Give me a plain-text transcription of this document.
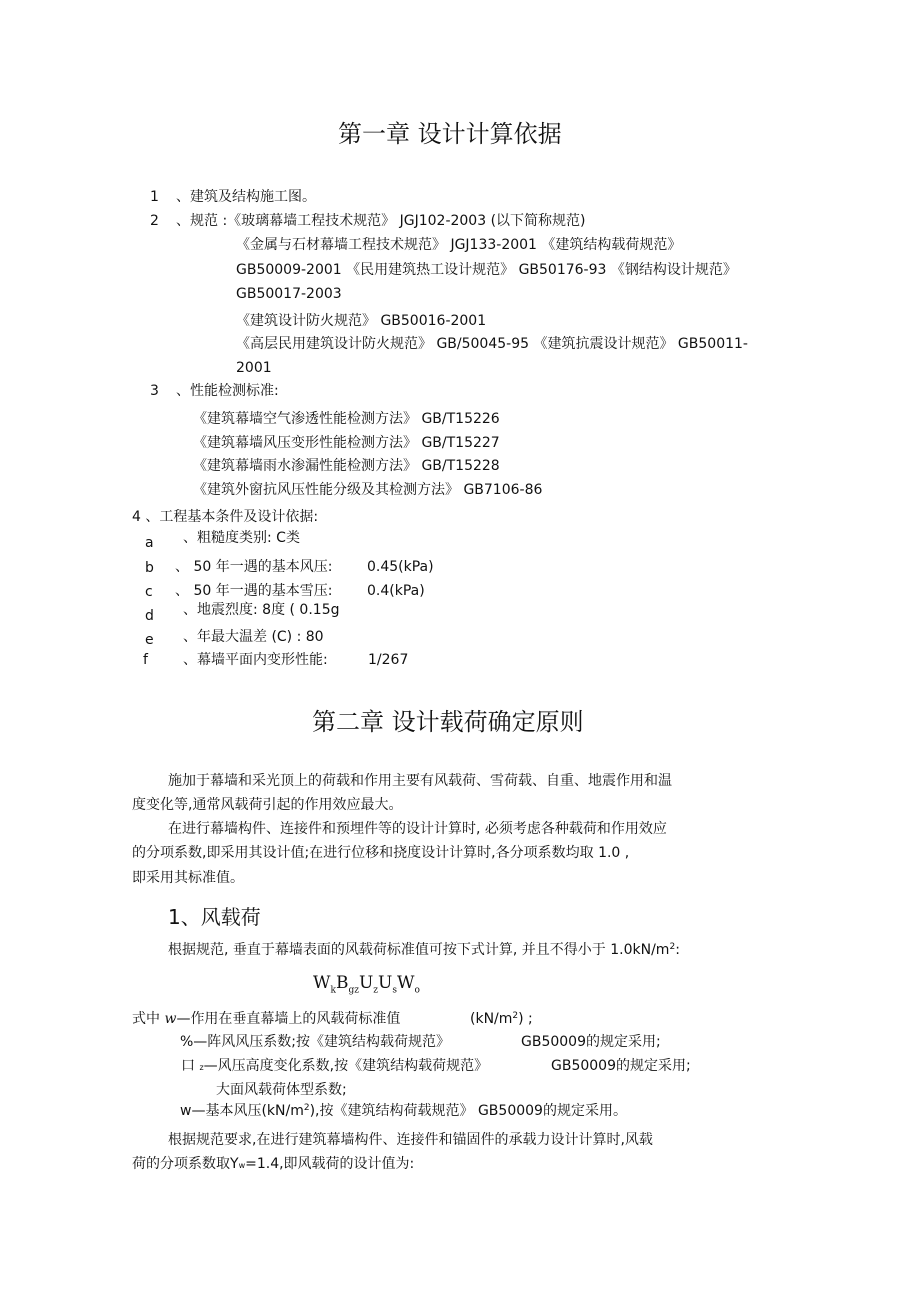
第一章 设计计算依据
1 、建筑及结构施工图。
2 、规范 :《玻璃幕墙工程技术规范》 JGJ102-2003 (以下简称规范)
《金属与石材幕墙工程技术规范》 JGJ133-2001 《建筑结构载荷规范》
GB50009-2001 《民用建筑热工设计规范》 GB50176-93 《钢结构设计规范》
GB50017-2003
《建筑设计防火规范》 GB50016-2001
《高层民用建筑设计防火规范》 GB/50045-95 《建筑抗震设计规范》 GB50011-
2001
3 、性能检测标准:
《建筑幕墙空气渗透性能检测方法》 GB/T15226
《建筑幕墙风压变形性能检测方法》 GB/T15227
《建筑幕墙雨水渗漏性能检测方法》 GB/T15228
《建筑外窗抗风压性能分级及其检测方法》 GB7106-86
4 、工程基本条件及设计依据:
a 、粗糙度类别: C类
b 、 50 年一遇的基本风压: 0.45(kPa)
c 、 50 年一遇的基本雪压: 0.4(kPa)
d 、地震烈度: 8度 ( 0.15g
e 、年最大温差 (C) : 80
f	、幕墙平面内变形性能:	1/267
第二章 设计载荷确定原则
施加于幕墙和采光顶上的荷载和作用主要有风载荷、雪荷载、自重、地震作用和温
度变化等,通常风载荷引起的作用效应最大。
在进行幕墙构件、连接件和预埋件等的设计计算时, 必须考虑各种载荷和作用效应
的分项系数,即采用其设计值;在进行位移和挠度设计计算时,各分项系数均取 1.0 ,
即采用其标准值。
1、风载荷
根据规范, 垂直于幕墙表面的风载荷标准值可按下式计算, 并且不得小于 $1.0kN/m^2$:
$W_kB_{gz}U_zU_sW_o$
式中 w—作用在垂直幕墙上的风载荷标准值	$(kN/m^2)$ ;
%—阵风风压系数;按《建筑结构载荷规范》	GB50009的规定采用;
口 z—风压高度变化系数,按《建筑结构载荷规范》	GB50009的规定采用;
大面风载荷体型系数;
w—基本风压$(kN/m^2)$,按《建筑结构荷载规范》 GB50009的规定采用。
根据规范要求,在进行建筑幕墙构件、连接件和锚固件的承载力设计计算时,风载
荷的分项系数取Yw=1.4,即风载荷的设计值为:
